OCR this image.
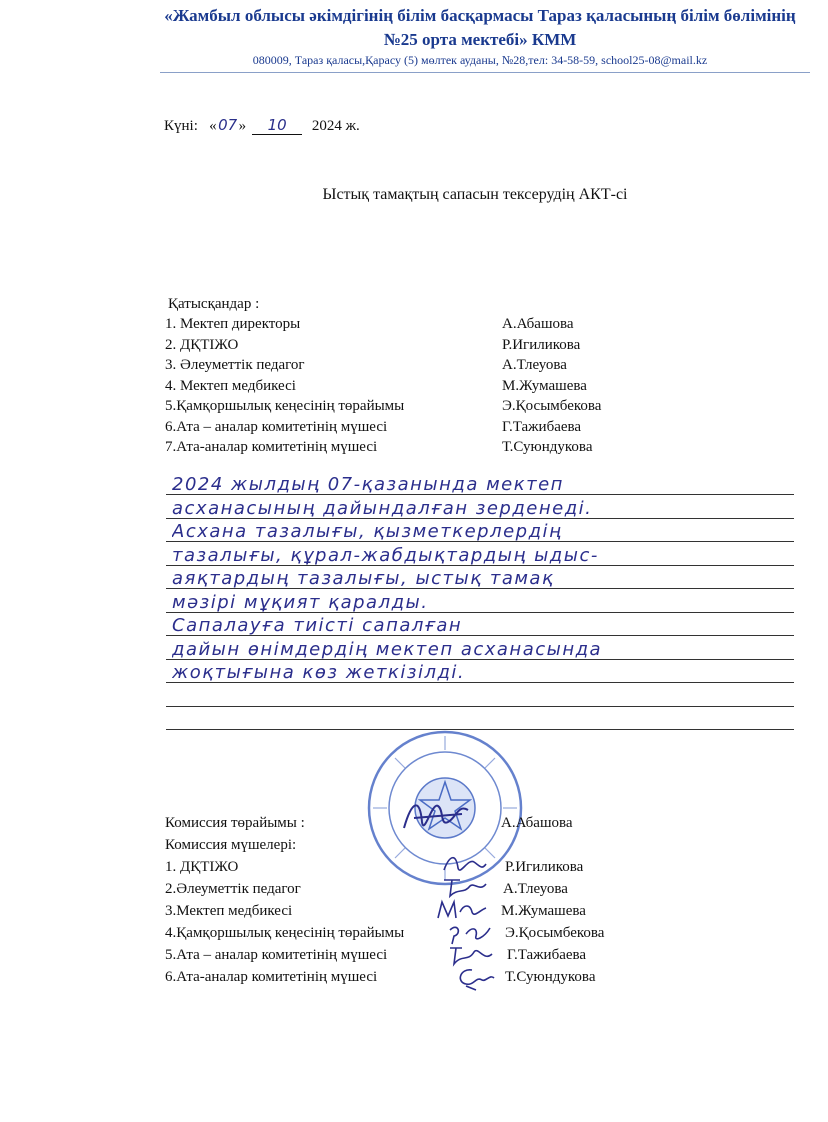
«Жамбыл облысы әкімдігінің білім басқармасы Тараз қаласының білім бөлімінің
№25 орта мектебі» КММ
080009, Тараз қаласы,Қарасу (5) мөлтек ауданы, №28,тел: 34-58-59, school25-08@mail.kz
Күні: «07» 10 2024 ж.
Ыстық тамақтың сапасын тексерудің АКТ-сі
Қатысқандар :
1. Мектеп директоры	А.Абашова
2. ДҚТІЖО	Р.Игиликова
3. Әлеуметтік педагог	А.Тлеуова
4. Мектеп медбикесі	М.Жумашева
5.Қамқоршылық кеңесінің төрайымы	Э.Қосымбекова
6.Ата – аналар комитетінің мүшесі	Г.Тажибаева
7.Ата-аналар комитетінің мүшесі	Т.Суюндукова
2024 жылдың 07-қазанында мектеп
асханасының дайындалған зерденеді.
Асхана тазалығы, қызметкерлердің
тазалығы, құрал-жабдықтардың ыдыс-
аяқтардың тазалығы, ыстық тамақ
мәзірі мұқият қаралды.
Сапалауға тиісті сапалған
дайын өнімдердің мектеп асханасында
жоқтығына көз жеткізілді.
Комиссия төрайымы :	А.Абашова
Комиссия мүшелері:
1. ДҚТІЖО	Р.Игиликова
2.Әлеуметтік педагог	А.Тлеуова
3.Мектеп медбикесі	М.Жумашева
4.Қамқоршылық кеңесінің төрайымы	Э.Қосымбекова
5.Ата – аналар комитетінің мүшесі	Г.Тажибаева
6.Ата-аналар комитетінің мүшесі	Т.Суюндукова
